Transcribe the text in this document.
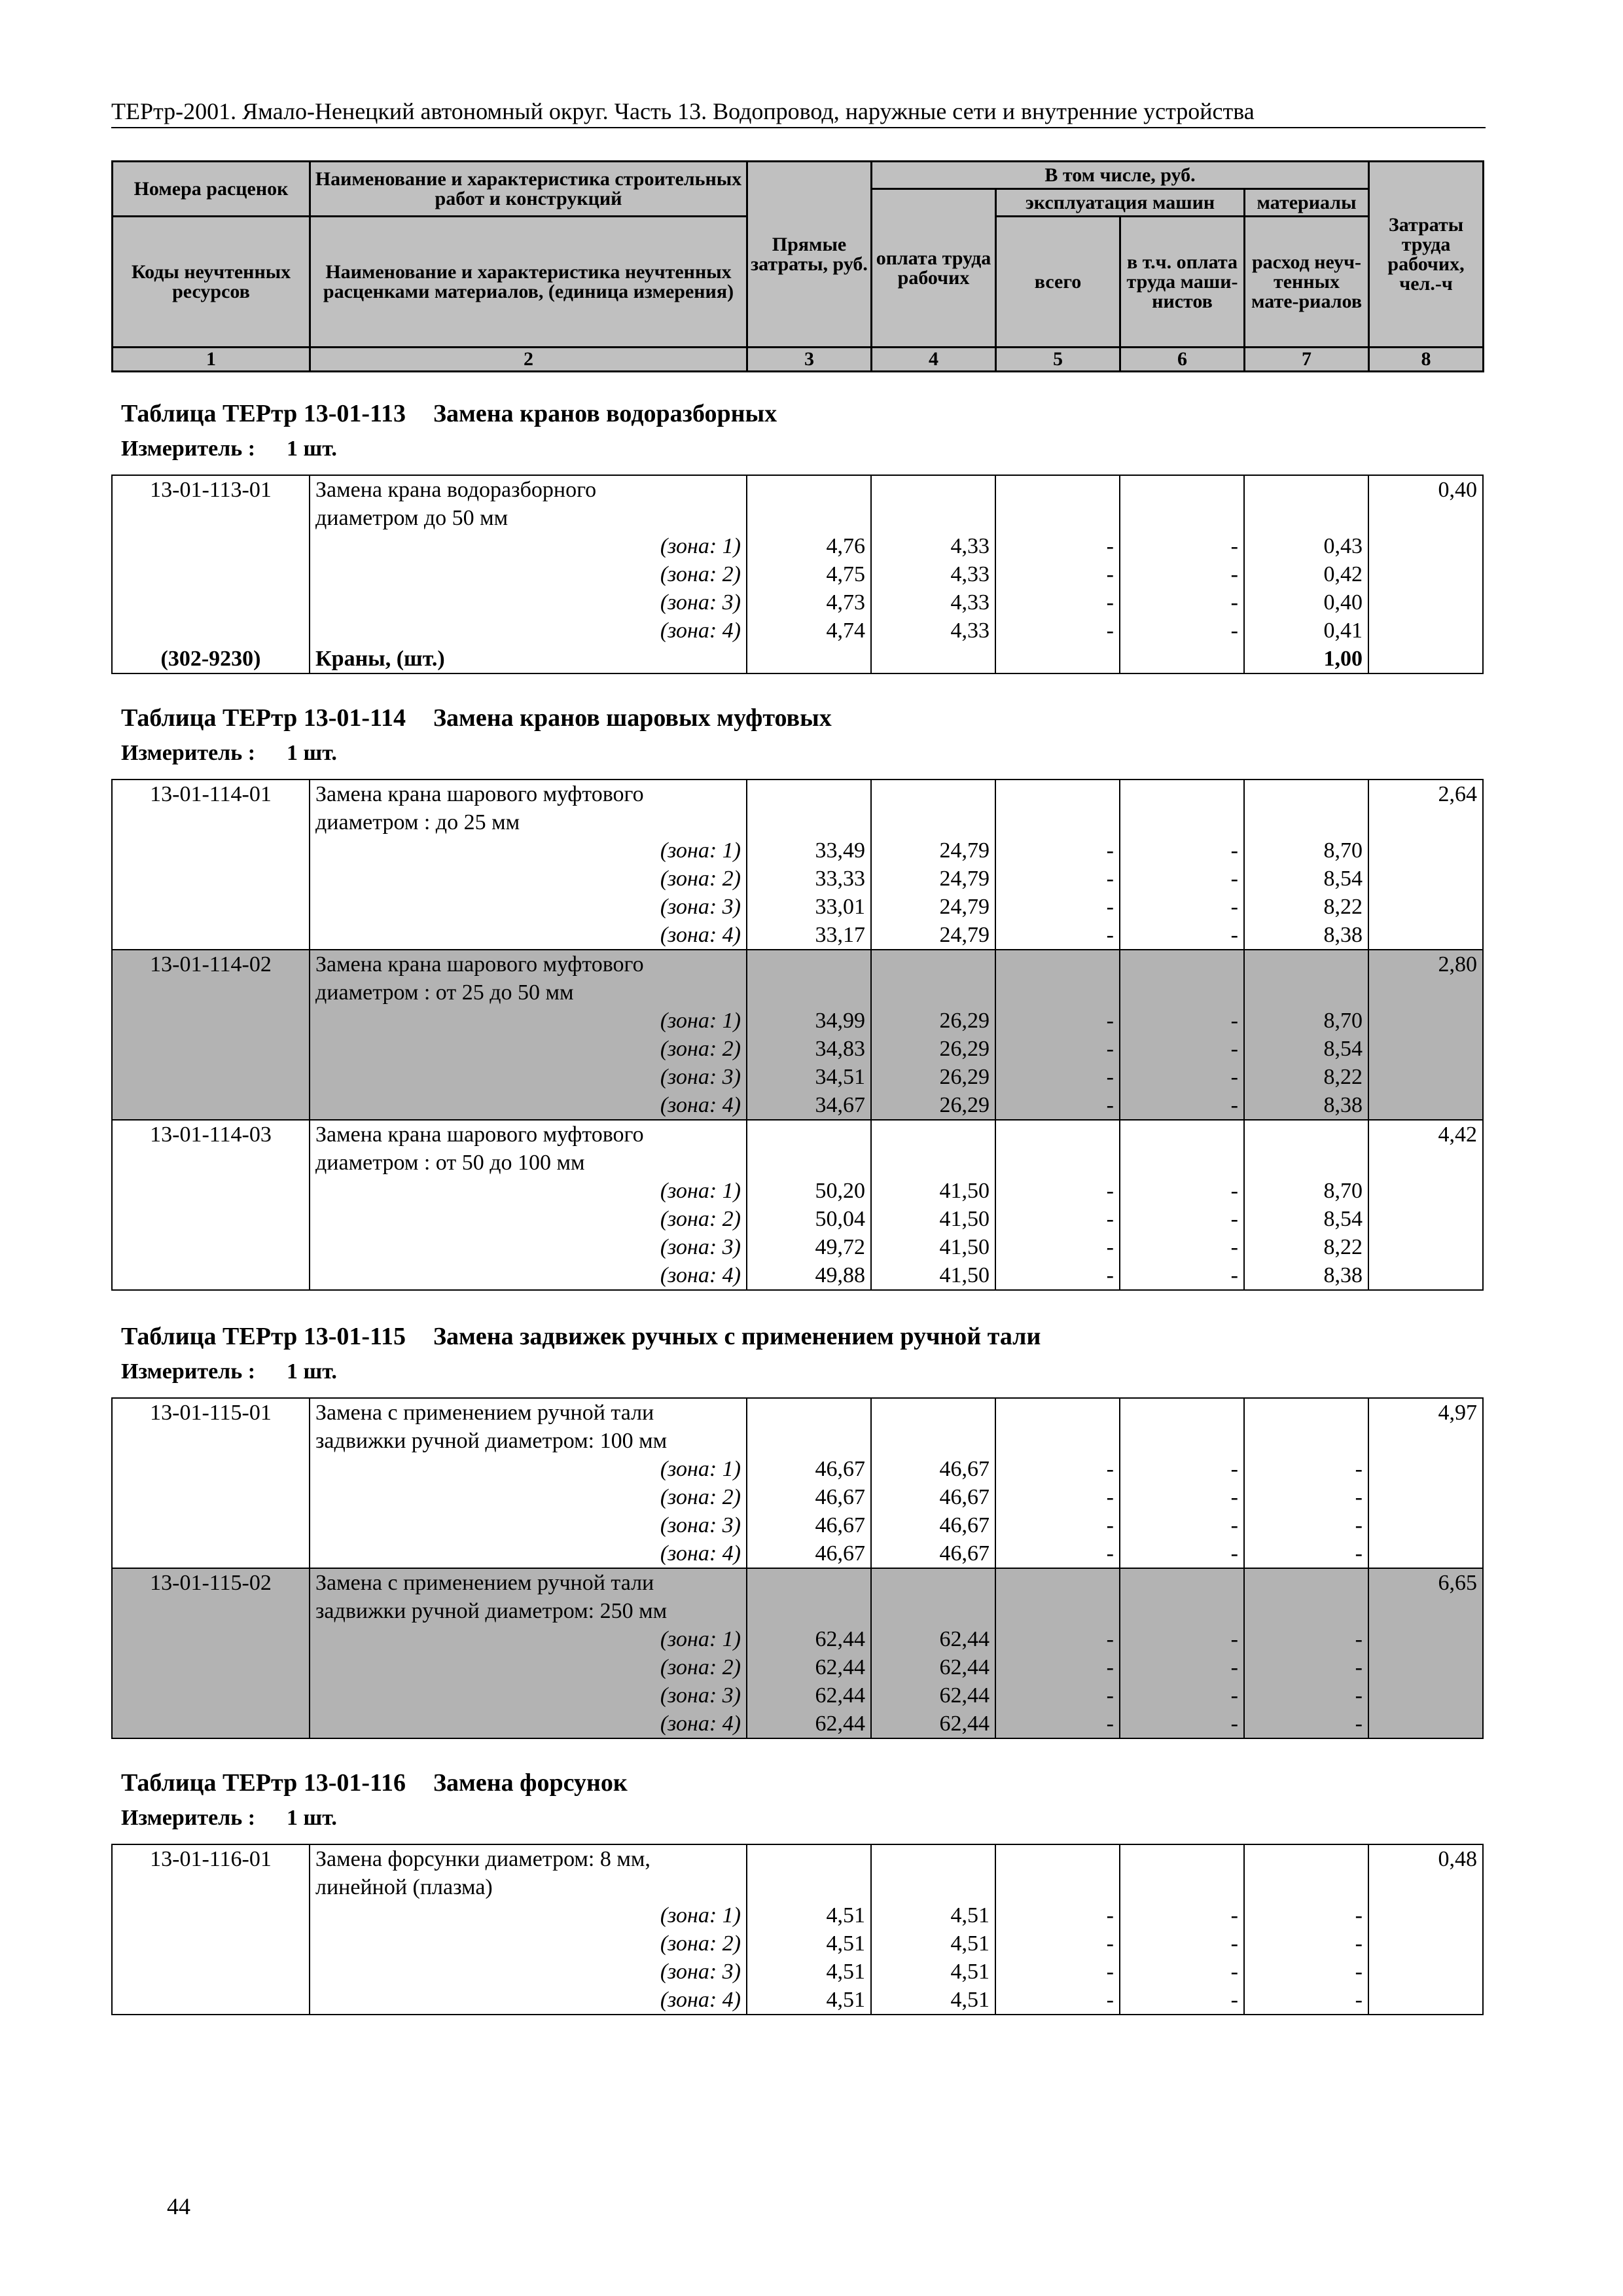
ТЕРтр-2001. Ямало-Ненецкий автономный округ. Часть 13. Водопровод, наружные сети и внутренние устройства
Номера расценок	Наименование и характеристика строительных работ и конструкций	Прямые затраты, руб.	В том числе, руб.				Затраты труда рабочих, чел.-ч
			оплата труда рабочих	эксплуатация машин		материалы	
Коды неучтенных ресурсов	Наименование и характеристика неучтенных расценками материалов, (единица измерения)			всего	в т.ч. оплата труда маши-нистов	расход неуч-тенных мате-риалов	

1	2	3	4	5	6	7	8
Таблица ТЕРтр 13-01-113 Замена кранов водоразборных
Измеритель : 1 шт.
Таблица ТЕРтр 13-01-114 Замена кранов шаровых муфтовых
Измеритель : 1 шт.
Таблица ТЕРтр 13-01-115 Замена задвижек ручных с применением ручной тали
Измеритель : 1 шт.
Таблица ТЕРтр 13-01-116 Замена форсунок
Измеритель : 1 шт.
13-01-113-01	Замена крана водоразборного						0,40
	диаметром до 50 мм						
	(зона: 1)	4,76	4,33	-	-	0,43	
	(зона: 2)	4,75	4,33	-	-	0,42	
	(зона: 3)	4,73	4,33	-	-	0,40	
	(зона: 4)	4,74	4,33	-	-	0,41	
(302-9230)	Краны, (шт.)					1,00	
13-01-114-01	Замена крана шарового муфтового						2,64
	диаметром : до 25 мм						
	(зона: 1)	33,49	24,79	-	-	8,70	
	(зона: 2)	33,33	24,79	-	-	8,54	
	(зона: 3)	33,01	24,79	-	-	8,22	
	(зона: 4)	33,17	24,79	-	-	8,38	
13-01-114-02	Замена крана шарового муфтового						2,80
	диаметром : от 25 до 50 мм						
	(зона: 1)	34,99	26,29	-	-	8,70	
	(зона: 2)	34,83	26,29	-	-	8,54	
	(зона: 3)	34,51	26,29	-	-	8,22	
	(зона: 4)	34,67	26,29	-	-	8,38	
13-01-114-03	Замена крана шарового муфтового						4,42
	диаметром : от 50 до 100 мм						
	(зона: 1)	50,20	41,50	-	-	8,70	
	(зона: 2)	50,04	41,50	-	-	8,54	
	(зона: 3)	49,72	41,50	-	-	8,22	
	(зона: 4)	49,88	41,50	-	-	8,38	
13-01-115-01	Замена с применением ручной тали						4,97
	задвижки ручной диаметром: 100 мм						
	(зона: 1)	46,67	46,67	-	-	-	
	(зона: 2)	46,67	46,67	-	-	-	
	(зона: 3)	46,67	46,67	-	-	-	
	(зона: 4)	46,67	46,67	-	-	-	
13-01-115-02	Замена с применением ручной тали						6,65
	задвижки ручной диаметром: 250 мм						
	(зона: 1)	62,44	62,44	-	-	-	
	(зона: 2)	62,44	62,44	-	-	-	
	(зона: 3)	62,44	62,44	-	-	-	
	(зона: 4)	62,44	62,44	-	-	-	
13-01-116-01	Замена форсунки диаметром: 8 мм,						0,48
	линейной (плазма)						
	(зона: 1)	4,51	4,51	-	-	-	
	(зона: 2)	4,51	4,51	-	-	-	
	(зона: 3)	4,51	4,51	-	-	-	
	(зона: 4)	4,51	4,51	-	-	-	
44
